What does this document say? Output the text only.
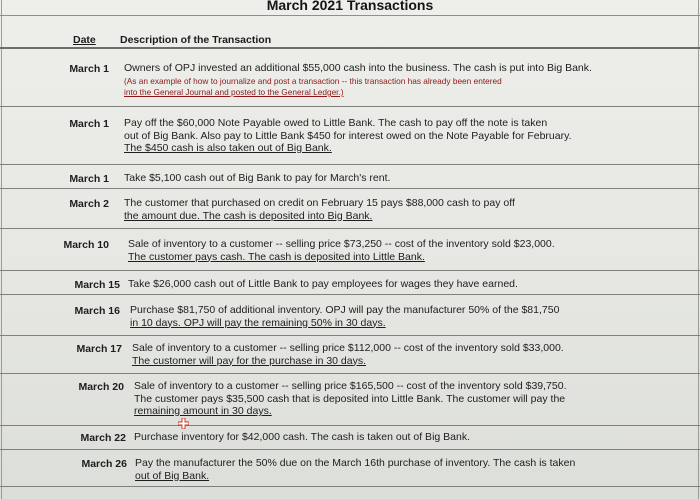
March 2021 Transactions
Date Description of the Transaction
March 1 Owners of OPJ invested an additional $55,000 cash into the business. The cash is put into Big Bank.
(As an example of how to journalize and post a transaction -- this transaction has already been entered
into the General Journal and posted to the General Ledger.)
March 1 Pay off the $60,000 Note Payable owed to Little Bank. The cash to pay off the note is taken
out of Big Bank. Also pay to Little Bank $450 for interest owed on the Note Payable for February.
The $450 cash is also taken out of Big Bank.
March 1 Take $5,100 cash out of Big Bank to pay for March's rent.
March 2 The customer that purchased on credit on February 15 pays $88,000 cash to pay off
the amount due. The cash is deposited into Big Bank.
March 10 Sale of inventory to a customer -- selling price $73,250 -- cost of the inventory sold $23,000.
The customer pays cash. The cash is deposited into Little Bank.
March 15 Take $26,000 cash out of Little Bank to pay employees for wages they have earned.
March 16 Purchase $81,750 of additional inventory. OPJ will pay the manufacturer 50% of the $81,750
in 10 days. OPJ will pay the remaining 50% in 30 days.
March 17 Sale of inventory to a customer -- selling price $112,000 -- cost of the inventory sold $33,000.
The customer will pay for the purchase in 30 days.
March 20 Sale of inventory to a customer -- selling price $165,500 -- cost of the inventory sold $39,750.
The customer pays $35,500 cash that is deposited into Little Bank. The customer will pay the
remaining amount in 30 days.
March 22 Purchase inventory for $42,000 cash. The cash is taken out of Big Bank.
March 26 Pay the manufacturer the 50% due on the March 16th purchase of inventory. The cash is taken
out of Big Bank.
